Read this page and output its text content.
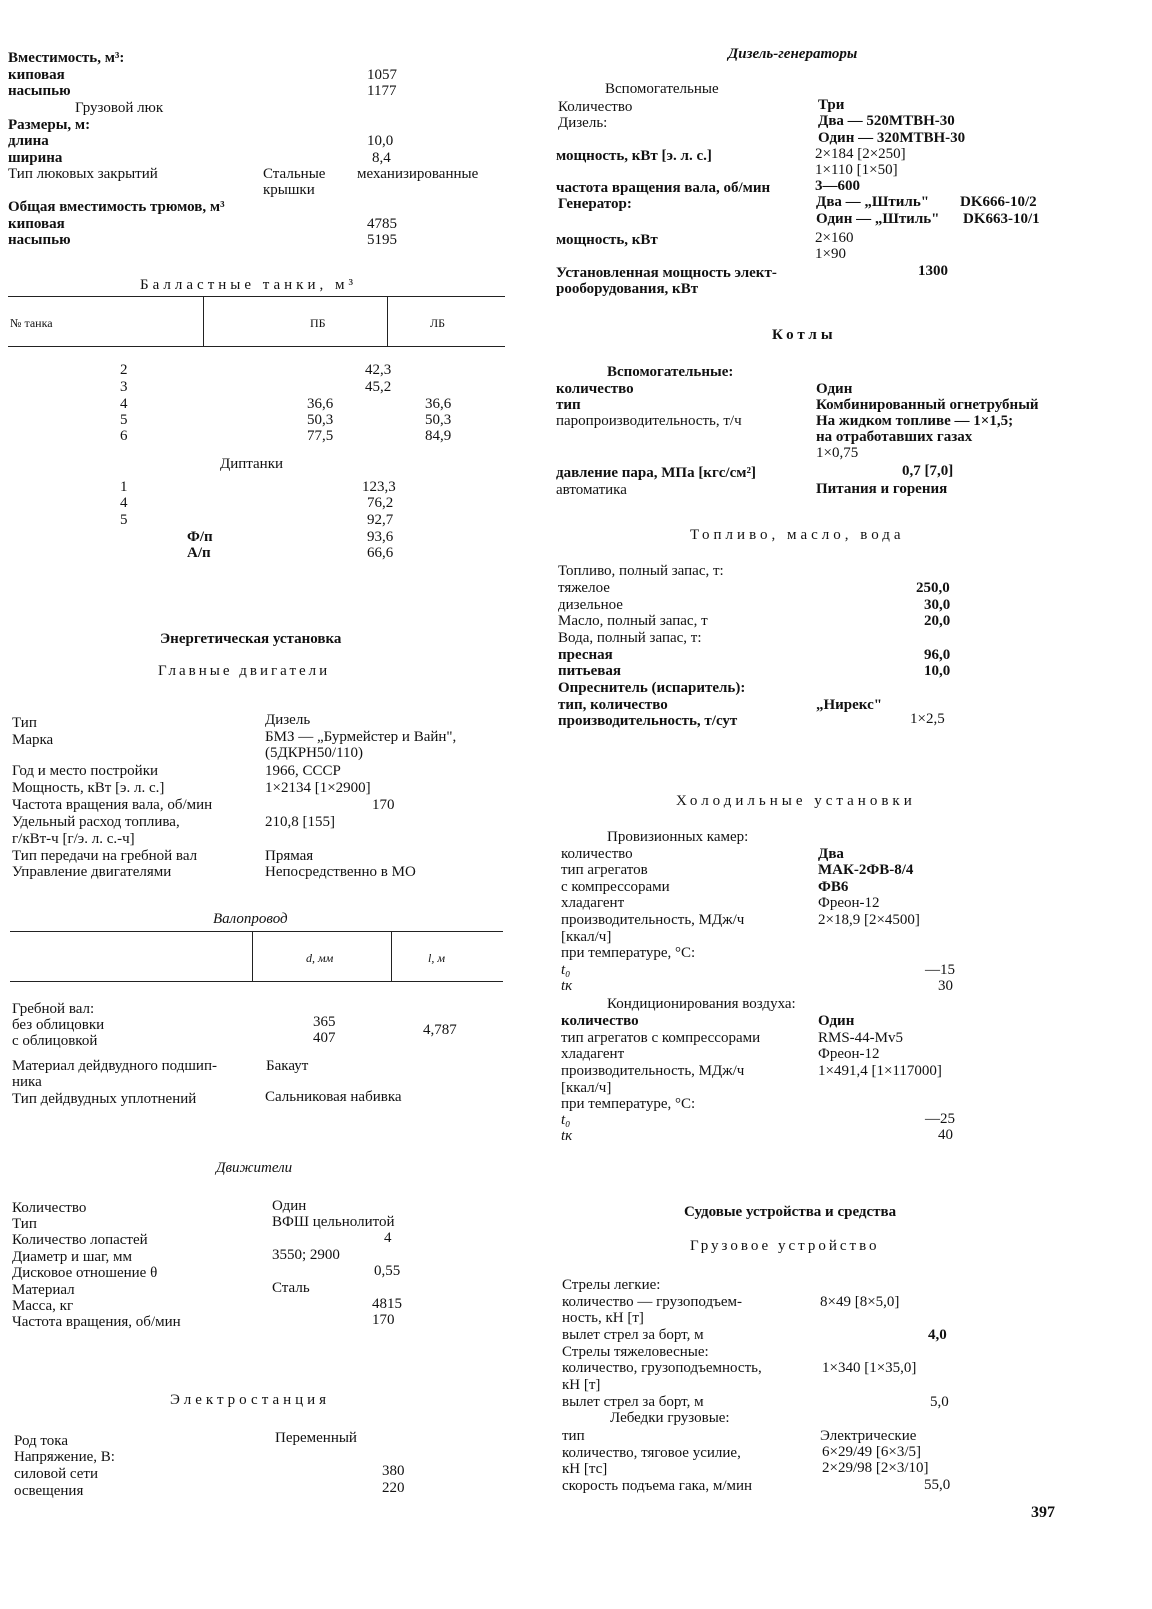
Вместимость, м³:
киповая	1057
насыпью	1177
Грузовой люк
Размеры, м:
длина	10,0
ширина	8,4
Тип люковых закрытий	Стальные механизированные
крышки
Общая вместимость трюмов, м³
киповая	4785
насыпью	5195
Балластные танки, м³
№ танка	ПБ	ЛБ
2	42,3
3	45,2
4	36,6	36,6
5	50,3	50,3
6	77,5	84,9
Диптанки
1	123,3
4	76,2
5	92,7
Ф/п	93,6
А/п	66,6
Энергетическая установка
Главные двигатели
Тип	Дизель
Марка	БМЗ — „Бурмейстер и Вайн",
(5ДКРН50/110)
Год и место постройки	1966, СССР
Мощность, кВт [э. л. с.]	1×2134 [1×2900]
Частота вращения вала, об/мин	170
Удельный расход топлива,	210,8 [155]
г/кВт-ч [г/э. л. с.-ч]
Тип передачи на гребной вал	Прямая
Управление двигателями	Непосредственно в МО
Валопровод
d, мм	l, м
Гребной вал:
без облицовки	365
с облицовкой	407	4,787
Материал дейдвудного подшип-	Бакаут
ника
Тип дейдвудных уплотнений	Сальниковая набивка
Движители
Количество	Один
Тип	ВФШ цельнолитой
Количество лопастей	4
Диаметр и шаг, мм	3550; 2900
Дисковое отношение θ	0,55
Материал	Сталь
Масса, кг	4815
Частота вращения, об/мин	170
Электростанция
Род тока	Переменный
Напряжение, В:
силовой сети	380
освещения	220
Дизель-генераторы
Вспомогательные
Количество	Три
Дизель:	Два — 520MTBH-30
Один — 320MTBH-30
мощность, кВт [э. л. с.]	2×184 [2×250]
1×110 [1×50]
частота вращения вала, об/мин	3—600
Генератор:	Два — „Штиль" DK666-10/2
Один — „Штиль" DK663-10/1
мощность, кВт	2×160
1×90
Установленная мощность элект-	1300
рооборудования, кВт
Котлы
Вспомогательные:
количество	Один
тип	Комбинированный огнетрубный
паропроизводительность, т/ч	На жидком топливе — 1×1,5;
на отработавших газах
1×0,75
давление пара, МПа [кгс/см²]	0,7 [7,0]
автоматика	Питания и горения
Топливо, масло, вода
Топливо, полный запас, т:
тяжелое	250,0
дизельное	30,0
Масло, полный запас, т	20,0
Вода, полный запас, т:
пресная	96,0
питьевая	10,0
Опреснитель (испаритель):
тип, количество	„Нирекс"
производительность, т/сут	1×2,5
Холодильные установки
Провизионных камер:
количество	Два
тип агрегатов	МАК-2ФВ-8/4
с компрессорами	ФВ6
хладагент	Фреон-12
производительность, МДж/ч	2×18,9 [2×4500]
[ккал/ч]
при температуре, °С:
t₀	—15
tк	30
Кондиционирования воздуха:
количество	Один
тип агрегатов с компрессорами	RMS-44-Mv5
хладагент	Фреон-12
производительность, МДж/ч	1×491,4 [1×117000]
[ккал/ч]
при температуре, °С:
t₀	—25
tк	40
Судовые устройства и средства
Грузовое устройство
Стрелы легкие:
количество — грузоподъем-	8×49 [8×5,0]
ность, кН [т]
вылет стрел за борт, м	4,0
Стрелы тяжеловесные:
количество, грузоподъемность,	1×340 [1×35,0]
кН [т]
вылет стрел за борт, м	5,0
Лебедки грузовые:
тип	Электрические
количество, тяговое усилие,	6×29/49 [6×3/5]
кН [тс]	2×29/98 [2×3/10]
скорость подъема гака, м/мин	55,0
397
